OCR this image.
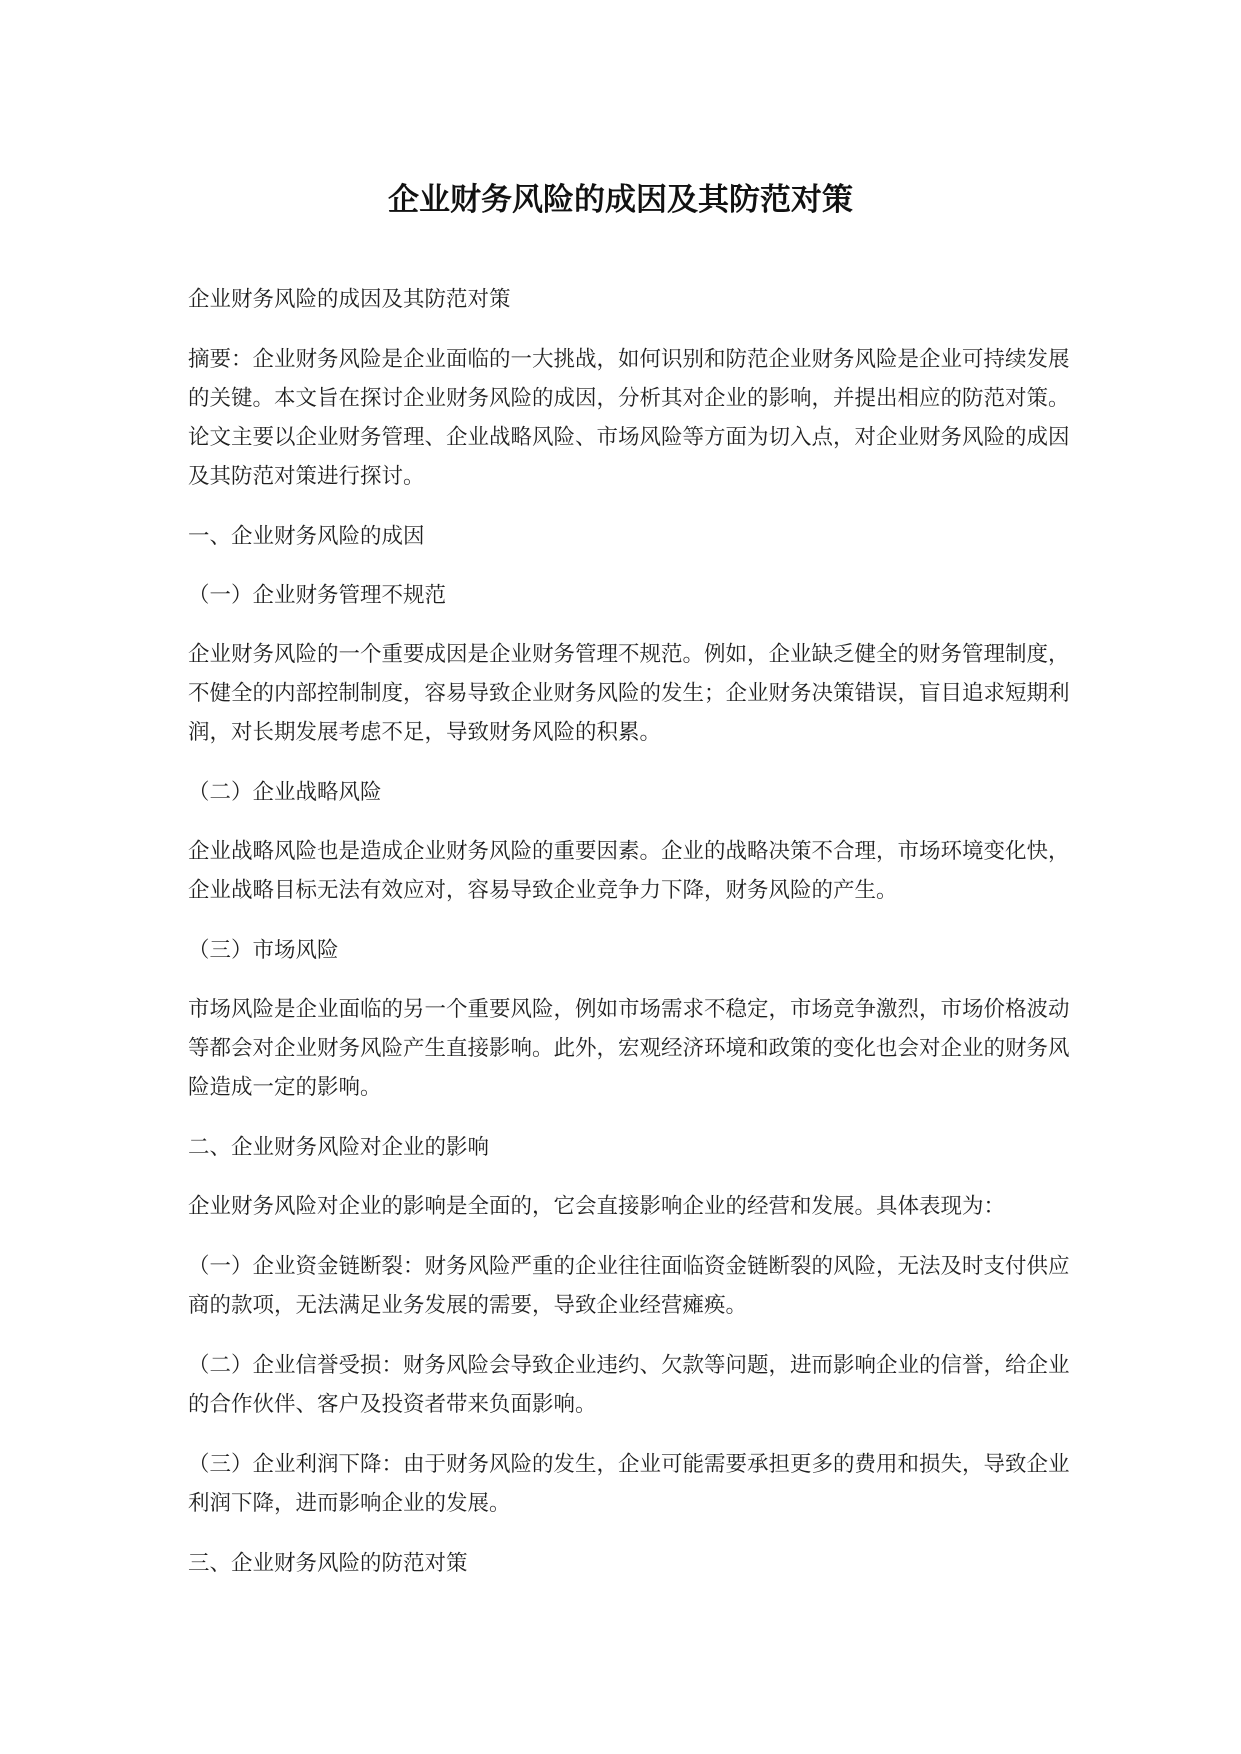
企业财务风险的成因及其防范对策

企业财务风险的成因及其防范对策

摘要：企业财务风险是企业面临的一大挑战，如何识别和防范企业财务风险是企业可持续发展的关键。本文旨在探讨企业财务风险的成因，分析其对企业的影响，并提出相应的防范对策。论文主要以企业财务管理、企业战略风险、市场风险等方面为切入点，对企业财务风险的成因及其防范对策进行探讨。

一、企业财务风险的成因

（一）企业财务管理不规范

企业财务风险的一个重要成因是企业财务管理不规范。例如，企业缺乏健全的财务管理制度，不健全的内部控制制度，容易导致企业财务风险的发生；企业财务决策错误，盲目追求短期利润，对长期发展考虑不足，导致财务风险的积累。

（二）企业战略风险

企业战略风险也是造成企业财务风险的重要因素。企业的战略决策不合理，市场环境变化快，企业战略目标无法有效应对，容易导致企业竞争力下降，财务风险的产生。

（三）市场风险

市场风险是企业面临的另一个重要风险，例如市场需求不稳定，市场竞争激烈，市场价格波动等都会对企业财务风险产生直接影响。此外，宏观经济环境和政策的变化也会对企业的财务风险造成一定的影响。

二、企业财务风险对企业的影响

企业财务风险对企业的影响是全面的，它会直接影响企业的经营和发展。具体表现为：

（一）企业资金链断裂：财务风险严重的企业往往面临资金链断裂的风险，无法及时支付供应商的款项，无法满足业务发展的需要，导致企业经营瘫痪。

（二）企业信誉受损：财务风险会导致企业违约、欠款等问题，进而影响企业的信誉，给企业的合作伙伴、客户及投资者带来负面影响。

（三）企业利润下降：由于财务风险的发生，企业可能需要承担更多的费用和损失，导致企业利润下降，进而影响企业的发展。

三、企业财务风险的防范对策
